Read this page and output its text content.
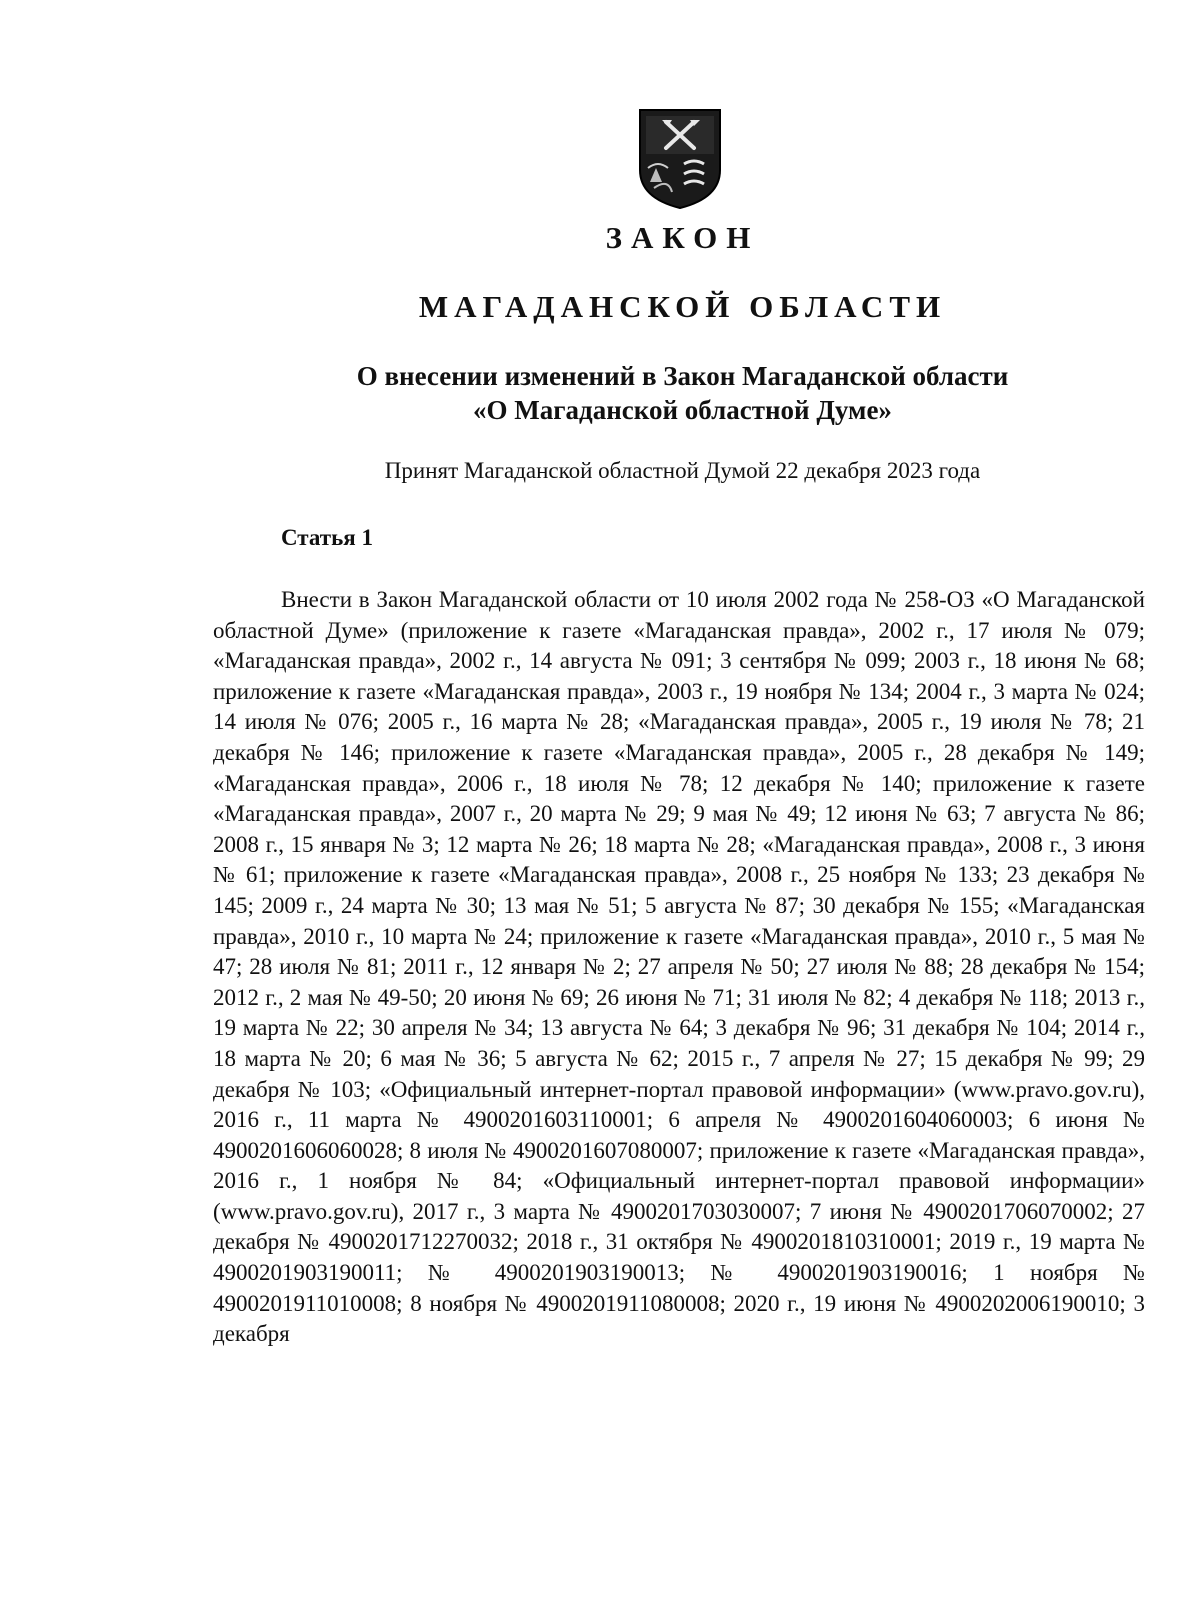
ЗАКОН
МАГАДАНСКОЙ ОБЛАСТИ
О внесении изменений в Закон Магаданской области
«О Магаданской областной Думе»
Принят Магаданской областной Думой 22 декабря 2023 года
Статья 1
Внести в Закон Магаданской области от 10 июля 2002 года № 258-ОЗ «О Магаданской областной Думе» (приложение к газете «Магаданская правда», 2002 г., 17 июля № 079; «Магаданская правда», 2002 г., 14 августа № 091; 3 сентября № 099; 2003 г., 18 июня № 68; приложение к газете «Магаданская правда», 2003 г., 19 ноября № 134; 2004 г., 3 марта № 024; 14 июля № 076; 2005 г., 16 марта № 28; «Магаданская правда», 2005 г., 19 июля № 78; 21 декабря № 146; приложение к газете «Магаданская правда», 2005 г., 28 декабря № 149; «Магаданская правда», 2006 г., 18 июля № 78; 12 декабря № 140; приложение к газете «Магаданская правда», 2007 г., 20 марта № 29; 9 мая № 49; 12 июня № 63; 7 августа № 86; 2008 г., 15 января № 3; 12 марта № 26; 18 марта № 28; «Магаданская правда», 2008 г., 3 июня № 61; приложение к газете «Магаданская правда», 2008 г., 25 ноября № 133; 23 декабря № 145; 2009 г., 24 марта № 30; 13 мая № 51; 5 августа № 87; 30 декабря № 155; «Магаданская правда», 2010 г., 10 марта № 24; приложение к газете «Магаданская правда», 2010 г., 5 мая № 47; 28 июля № 81; 2011 г., 12 января № 2; 27 апреля № 50; 27 июля № 88; 28 декабря № 154; 2012 г., 2 мая № 49-50; 20 июня № 69; 26 июня № 71; 31 июля № 82; 4 декабря № 118; 2013 г., 19 марта № 22; 30 апреля № 34; 13 августа № 64; 3 декабря № 96; 31 декабря № 104; 2014 г., 18 марта № 20; 6 мая № 36; 5 августа № 62; 2015 г., 7 апреля № 27; 15 декабря № 99; 29 декабря № 103; «Официальный интернет-портал правовой информации» (www.pravo.gov.ru), 2016 г., 11 марта № 4900201603110001; 6 апреля № 4900201604060003; 6 июня № 4900201606060028; 8 июля № 4900201607080007; приложение к газете «Магаданская правда», 2016 г., 1 ноября № 84; «Официальный интернет-портал правовой информации» (www.pravo.gov.ru), 2017 г., 3 марта № 4900201703030007; 7 июня № 4900201706070002; 27 декабря № 4900201712270032; 2018 г., 31 октября № 4900201810310001; 2019 г., 19 марта № 4900201903190011; № 4900201903190013; № 4900201903190016; 1 ноября № 4900201911010008; 8 ноября № 4900201911080008; 2020 г., 19 июня № 4900202006190010; 3 декабря
